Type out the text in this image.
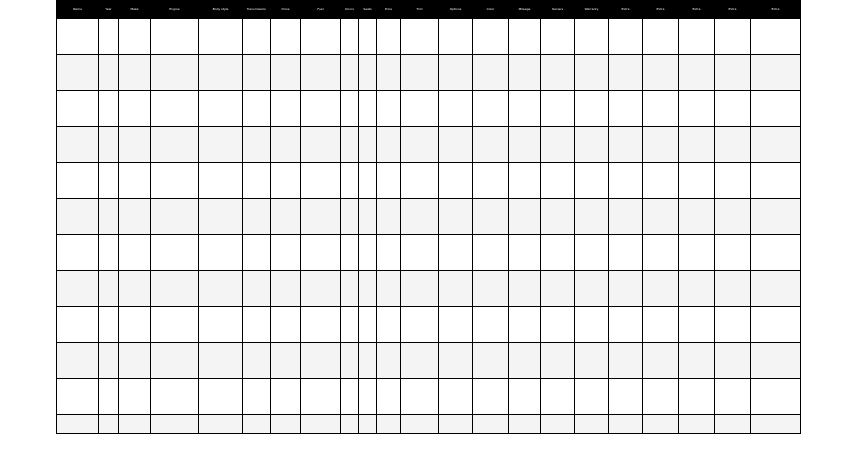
Name	Year	Make	Engine	Body style	Transmission	Drive	Fuel	Doors	Seats	Price	Trim	Options	Color	Mileage	Owners	Warranty	Extra	Extra	Extra	Extra	Extra
